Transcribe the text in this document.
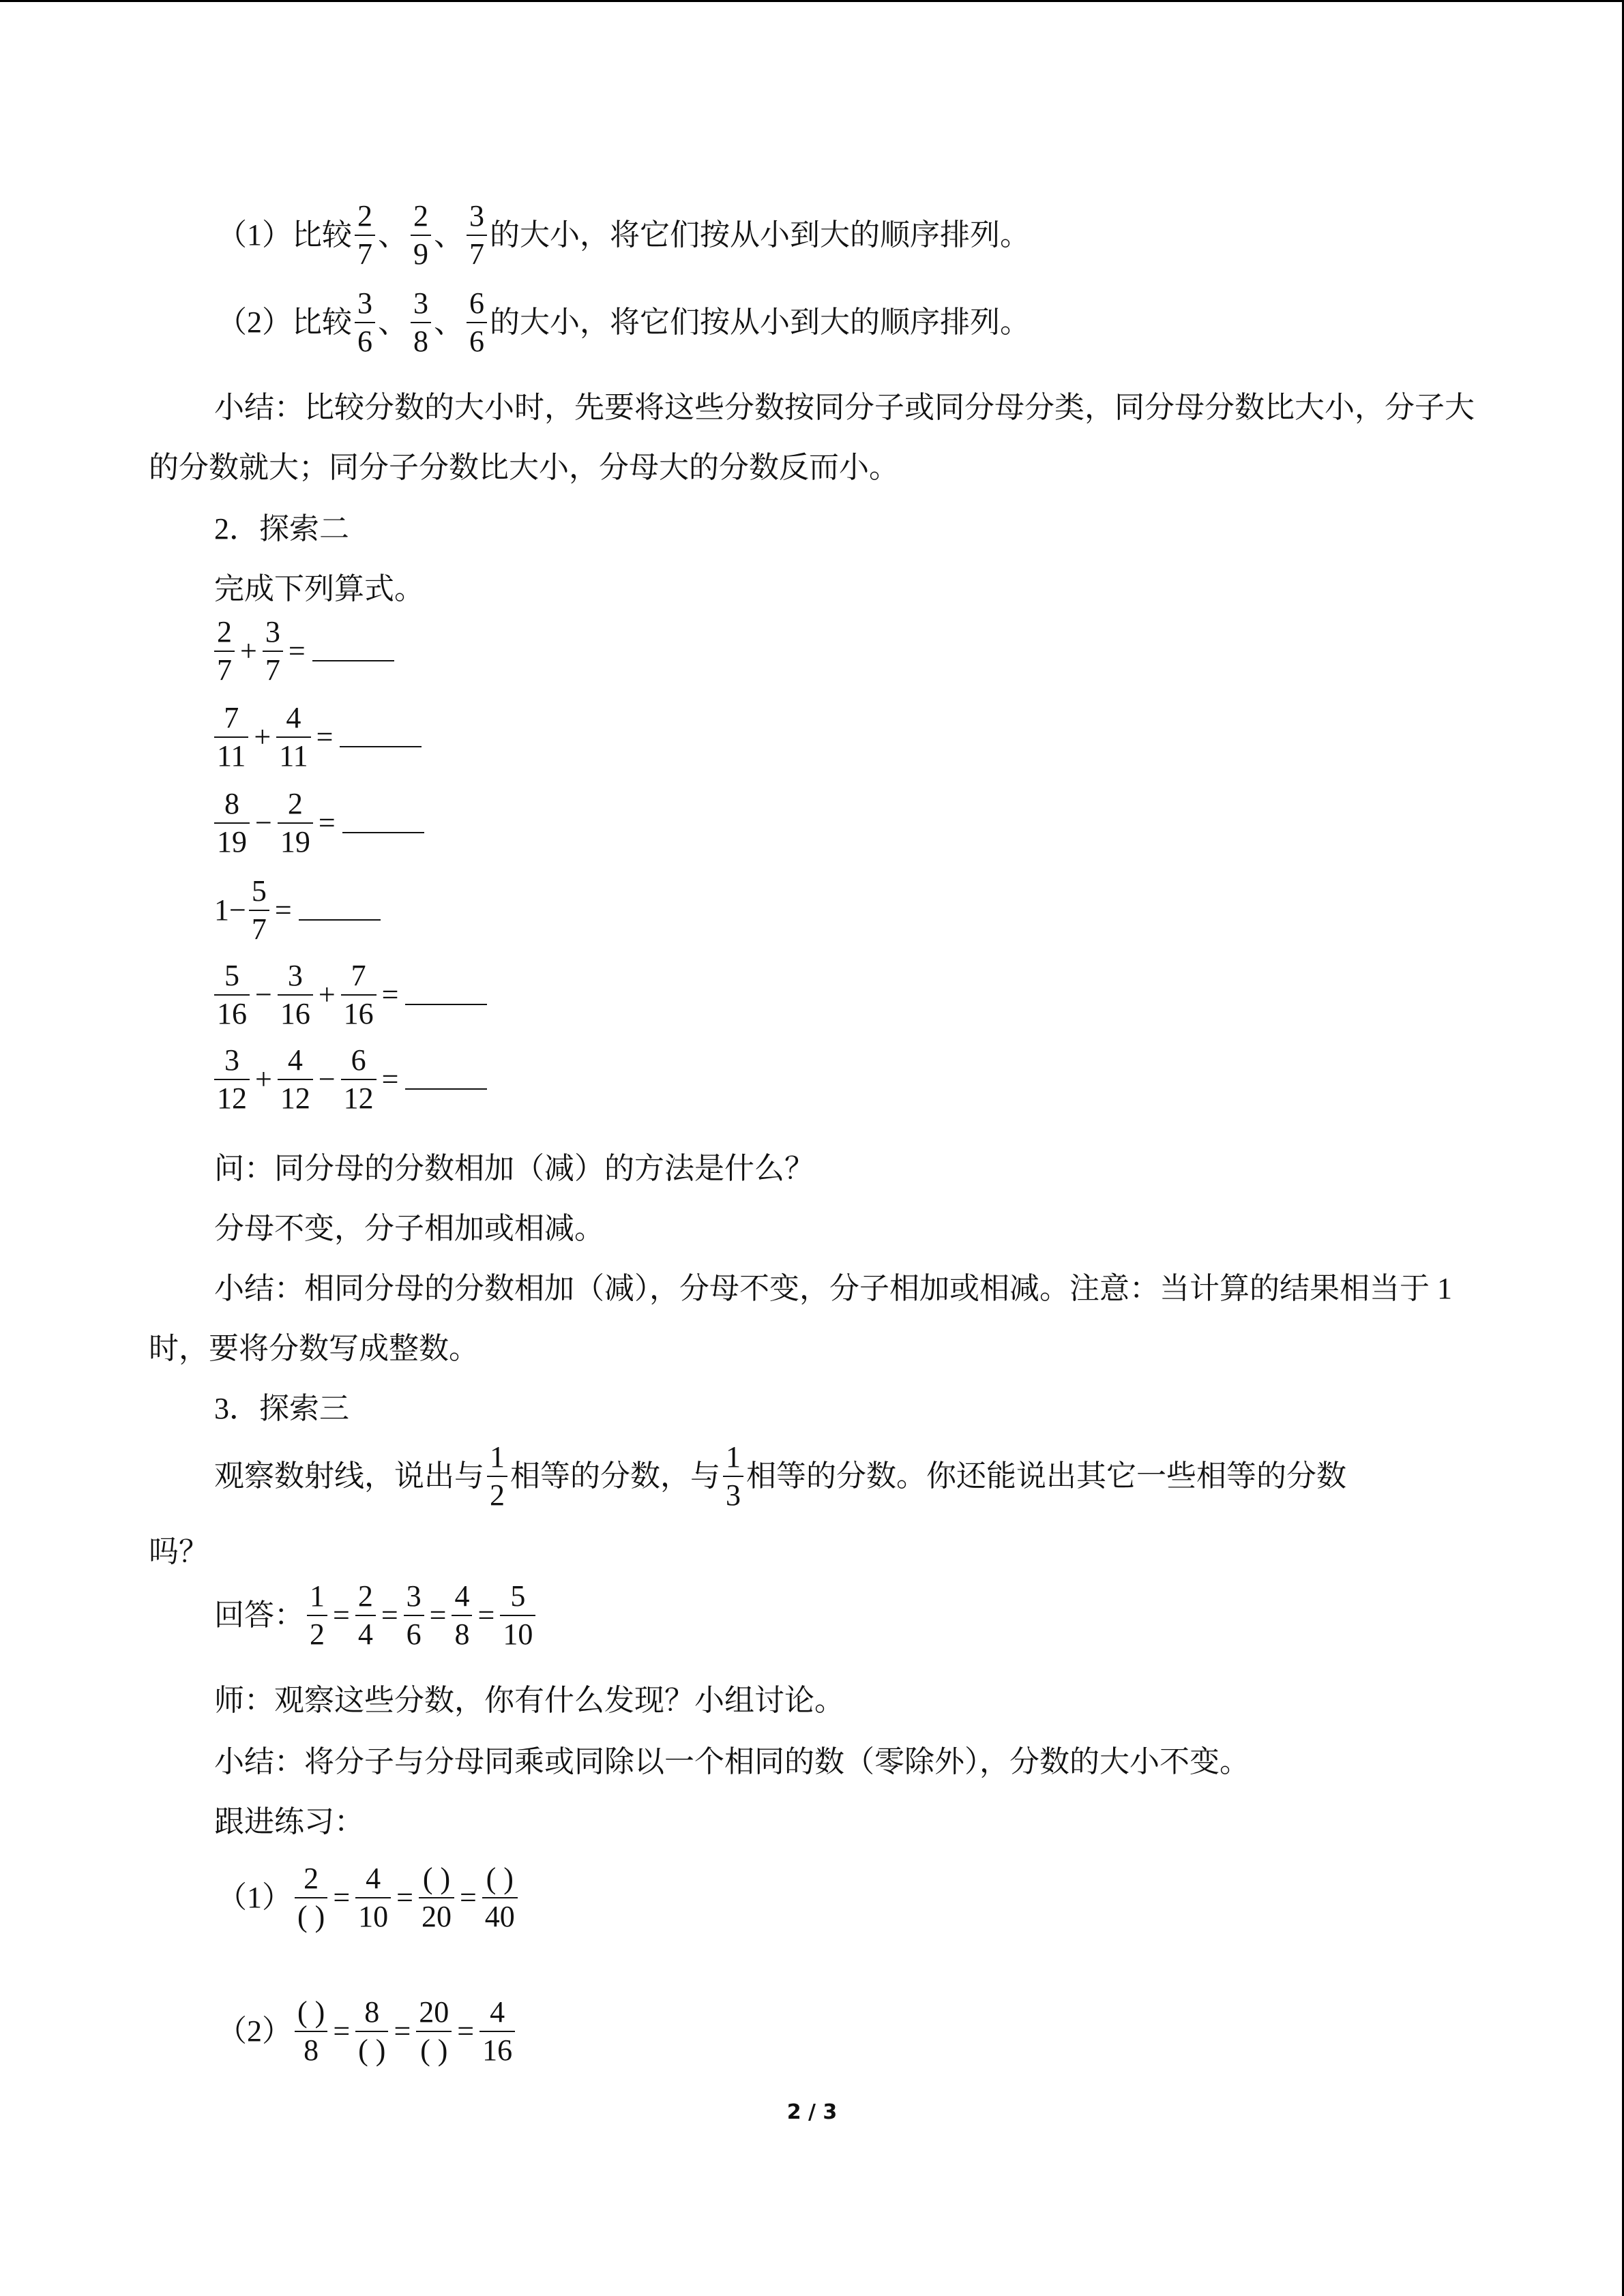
（1）比较 $\frac{2}{7}$ 、 $\frac{2}{9}$ 、 $\frac{3}{7}$ 的大小，将它们按从小到大的顺序排列。
（2）比较 $\frac{3}{6}$ 、 $\frac{3}{8}$ 、 $\frac{6}{6}$ 的大小，将它们按从小到大的顺序排列。
小结：比较分数的大小时，先要将这些分数按同分子或同分母分类，同分母分数比大小，分子大的分数就大；同分子分数比大小，分母大的分数反而小。
2．探索二
完成下列算式。
$\frac{2}{7} + \frac{3}{7}$ =
$\frac{7}{11} + \frac{4}{11}$ =
$\frac{8}{19} - \frac{2}{19}$ =
$1- \frac{5}{7}$ =
$\frac{5}{16} - \frac{3}{16} + \frac{7}{16}$ =
$\frac{3}{12} + \frac{4}{12} - \frac{6}{12}$ =
问：同分母的分数相加（减）的方法是什么？
分母不变，分子相加或相减。
小结：相同分母的分数相加（减），分母不变，分子相加或相减。注意：当计算的结果相当于 1 时，要将分数写成整数。
3．探索三
观察数射线，说出与 $\frac{1}{2}$ 相等的分数，与 $\frac{1}{3}$ 相等的分数。你还能说出其它一些相等的分数
吗？
回答： $\frac{1}{2} = \frac{2}{4} = \frac{3}{6} = \frac{4}{8} = \frac{5}{10}$
师：观察这些分数，你有什么发现？小组讨论。
小结：将分子与分母同乘或同除以一个相同的数（零除外），分数的大小不变。
跟进练习：
$(1) \frac{2}{( )} = \frac{4}{10} = \frac{( )}{20} = \frac{( )}{40}$
$(2) \frac{( )}{8} = \frac{8}{( )} = \frac{20}{( )} = \frac{4}{16}$
2 / 3
